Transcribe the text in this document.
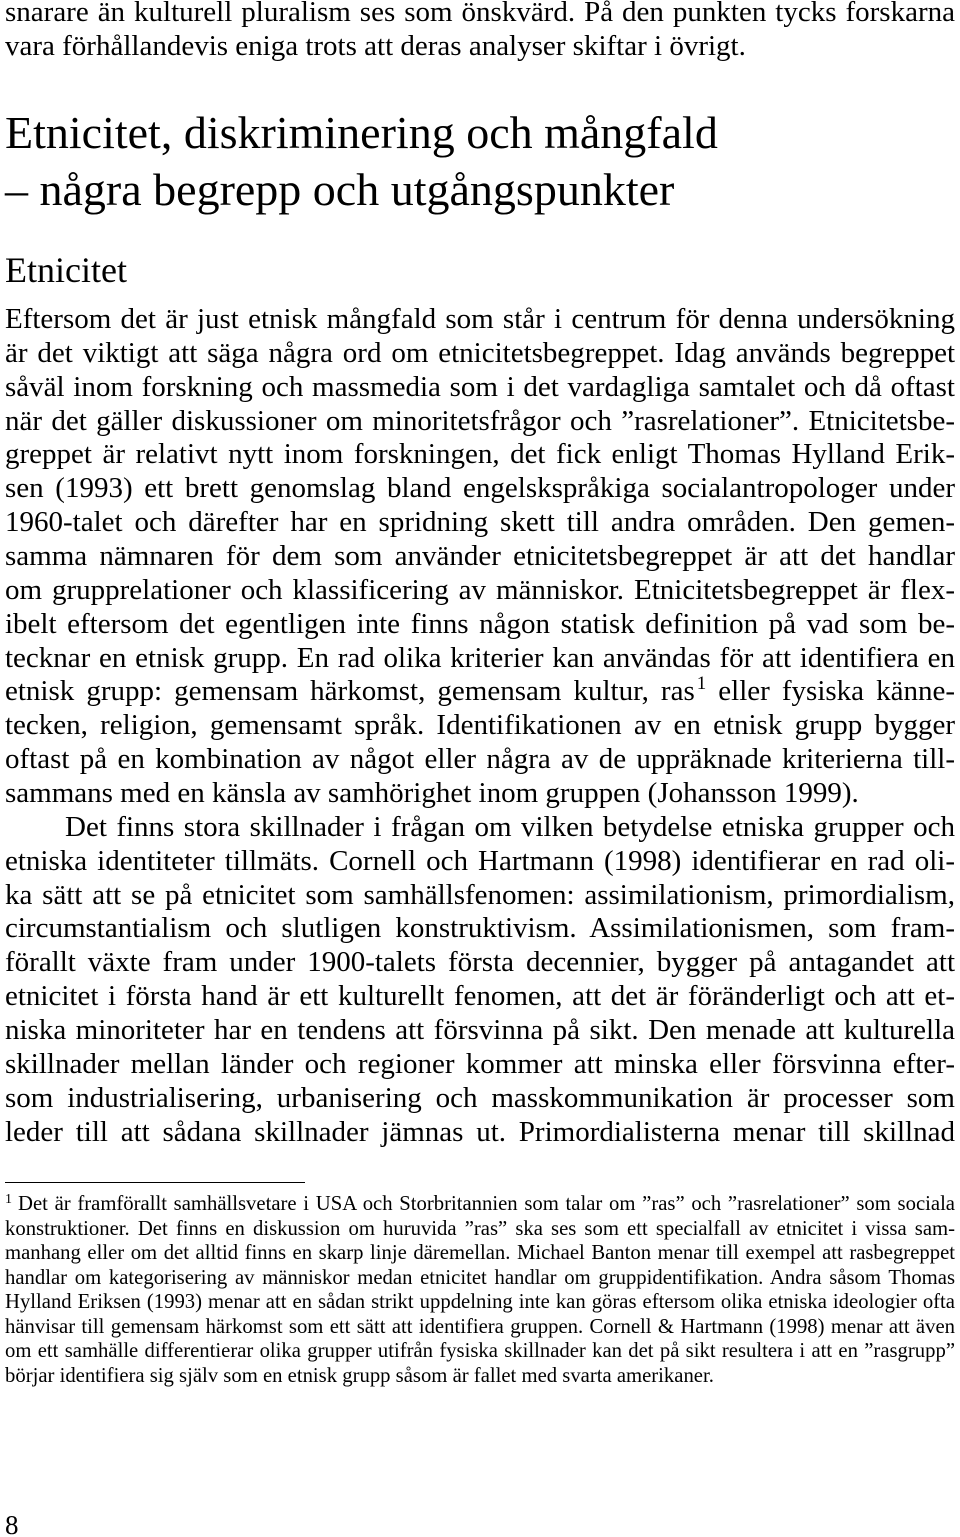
snarare än kulturell pluralism ses som önskvärd. På den punkten tycks forskarna
vara förhållandevis eniga trots att deras analyser skiftar i övrigt.
Etnicitet, diskriminering och mångfald
– några begrepp och utgångspunkter
Etnicitet
Eftersom det är just etnisk mångfald som står i centrum för denna undersökning
är det viktigt att säga några ord om etnicitetsbegreppet. Idag används begreppet
såväl inom forskning och massmedia som i det vardagliga samtalet och då oftast
när det gäller diskussioner om minoritetsfrågor och ”rasrelationer”. Etnicitetsbe-
greppet är relativt nytt inom forskningen, det fick enligt Thomas Hylland Erik-
sen (1993) ett brett genomslag bland engelskspråkiga socialantropologer under
1960-talet och därefter har en spridning skett till andra områden. Den gemen-
samma nämnaren för dem som använder etnicitetsbegreppet är att det handlar
om grupprelationer och klassificering av människor. Etnicitetsbegreppet är flex-
ibelt eftersom det egentligen inte finns någon statisk definition på vad som be-
tecknar en etnisk grupp. En rad olika kriterier kan användas för att identifiera en
etnisk grupp: gemensam härkomst, gemensam kultur, ras $^1$ eller fysiska känne-
tecken, religion, gemensamt språk. Identifikationen av en etnisk grupp bygger
oftast på en kombination av något eller några av de uppräknade kriterierna till-
sammans med en känsla av samhörighet inom gruppen (Johansson 1999).
Det finns stora skillnader i frågan om vilken betydelse etniska grupper och
etniska identiteter tillmäts. Cornell och Hartmann (1998) identifierar en rad oli-
ka sätt att se på etnicitet som samhällsfenomen: assimilationism, primordialism,
circumstantialism och slutligen konstruktivism. Assimilationismen, som fram-
förallt växte fram under 1900-talets första decennier, bygger på antagandet att
etnicitet i första hand är ett kulturellt fenomen, att det är föränderligt och att et-
niska minoriteter har en tendens att försvinna på sikt. Den menade att kulturella
skillnader mellan länder och regioner kommer att minska eller försvinna efter-
som industrialisering, urbanisering och masskommunikation är processer som
leder till att sådana skillnader jämnas ut. Primordialisterna menar till skillnad
$^1$ Det är framförallt samhällsvetare i USA och Storbritannien som talar om ”ras” och ”rasrelationer” som sociala
konstruktioner. Det finns en diskussion om huruvida ”ras” ska ses som ett specialfall av etnicitet i vissa sam-
manhang eller om det alltid finns en skarp linje däremellan. Michael Banton menar till exempel att rasbegreppet
handlar om kategorisering av människor medan etnicitet handlar om gruppidentifikation. Andra såsom Thomas
Hylland Eriksen (1993) menar att en sådan strikt uppdelning inte kan göras eftersom olika etniska ideologier ofta
hänvisar till gemensam härkomst som ett sätt att identifiera gruppen. Cornell & Hartmann (1998) menar att även
om ett samhälle differentierar olika grupper utifrån fysiska skillnader kan det på sikt resultera i att en ”rasgrupp”
börjar identifiera sig själv som en etnisk grupp såsom är fallet med svarta amerikaner.
8
